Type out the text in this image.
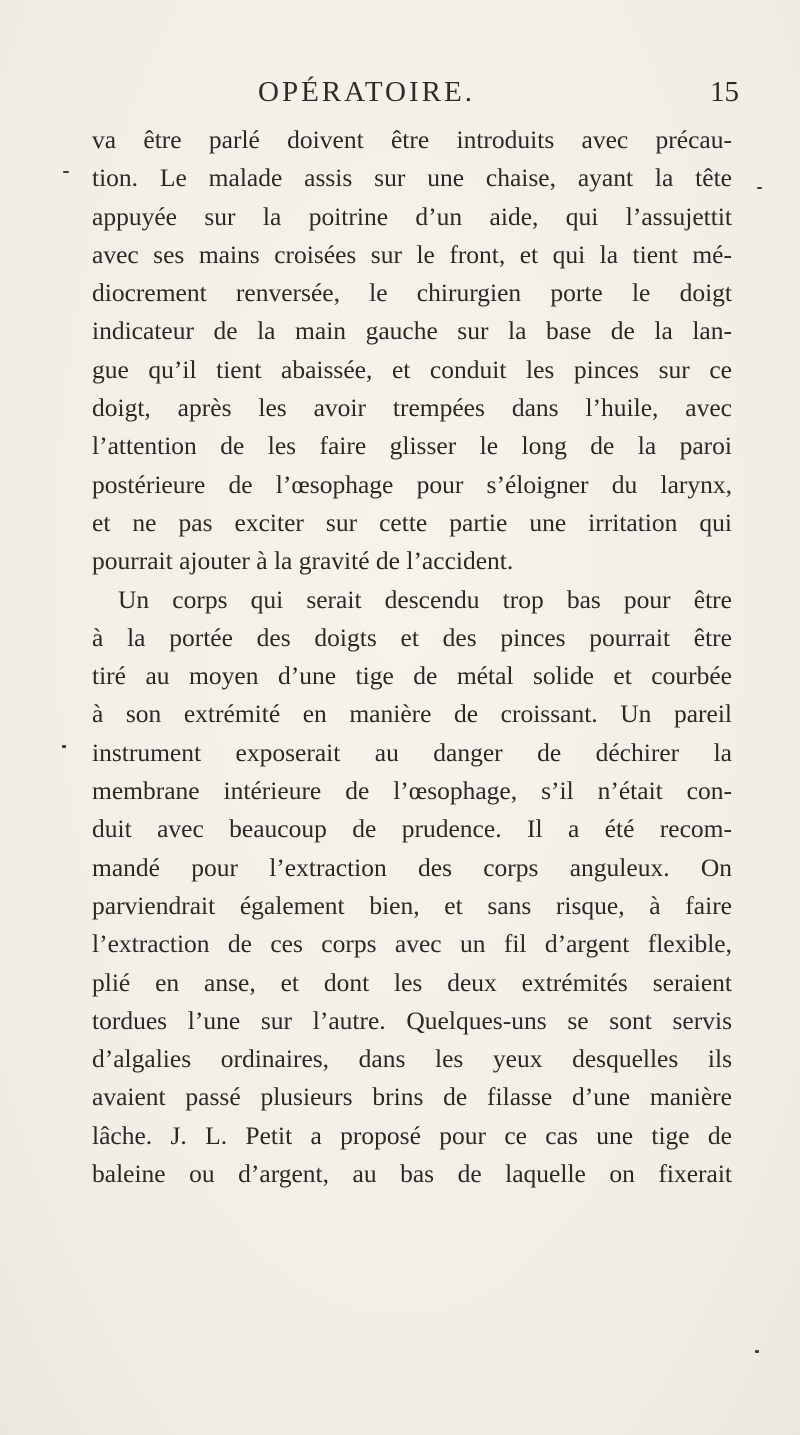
OPÉRATOIRE.	15
va être parlé doivent être introduits avec précau-
tion. Le malade assis sur une chaise, ayant la tête
appuyée sur la poitrine d’un aide, qui l’assujettit
avec ses mains croisées sur le front, et qui la tient mé-
diocrement renversée, le chirurgien porte le doigt
indicateur de la main gauche sur la base de la lan-
gue qu’il tient abaissée, et conduit les pinces sur ce
doigt, après les avoir trempées dans l’huile, avec
l’attention de les faire glisser le long de la paroi
postérieure de l’œsophage pour s’éloigner du larynx,
et ne pas exciter sur cette partie une irritation qui
pourrait ajouter à la gravité de l’accident.
Un corps qui serait descendu trop bas pour être
à la portée des doigts et des pinces pourrait être
tiré au moyen d’une tige de métal solide et courbée
à son extrémité en manière de croissant. Un pareil
instrument exposerait au danger de déchirer la
membrane intérieure de l’œsophage, s’il n’était con-
duit avec beaucoup de prudence. Il a été recom-
mandé pour l’extraction des corps anguleux. On
parviendrait également bien, et sans risque, à faire
l’extraction de ces corps avec un fil d’argent flexible,
plié en anse, et dont les deux extrémités seraient
tordues l’une sur l’autre. Quelques-uns se sont servis
d’algalies ordinaires, dans les yeux desquelles ils
avaient passé plusieurs brins de filasse d’une manière
lâche. J. L. Petit a proposé pour ce cas une tige de
baleine ou d’argent, au bas de laquelle on fixerait
